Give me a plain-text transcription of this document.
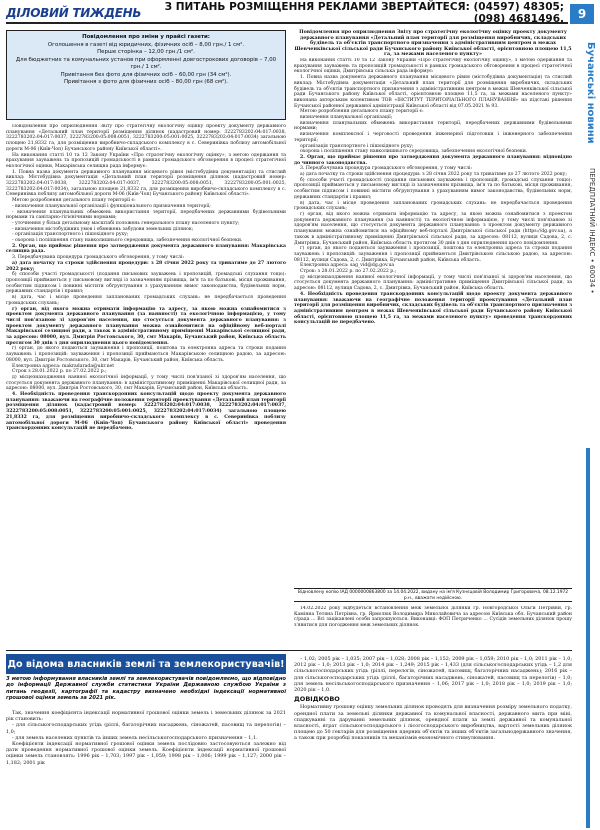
ДІЛОВИЙ ТИЖДЕНЬ	З ПИТАНЬ РОЗМІЩЕННЯ РЕКЛАМИ ЗВЕРТАЙТЕСЯ: (04597) 48305; (098) 4681496.	9
Бучанські новини
ПЕРЕДПЛАТНИЙ ІНДЕКС • 60034 •
Повідомлення про зміни у прайсі газети:
Оголошення в газеті від юридичних, фізичних осіб – 8,00 грн./ 1 см².
Перше сторінка – 12,00 грн./1 см².
Для бюджетних та комунальних установ при оформленні довгострокових договорів – 7,00 грн./ 1 см².
Привітання без фото для фізичних осіб – 60,00 грн (34 см²).
Привітання з фото для фізичних осіб – 80,00 грн (68 см²).

Повідомлення про оприлюднення Звіту про стратегічну екологічну оцінку проекту документу державного планування «Детальний план території розміщення ділянок (кадастровий номер: 3222783202:04:017:0038, 3222783202:04:017:0037, 3222783200:05:008:0051, 3222783200:05:001:0025, 3222783202:04:017:0034) загальною площею 21,8332 га, для розміщення виробничо-складського комплексу в с. Северинівка поблизу автомобільної дороги М-06 (Київ-Чоп) Бучанського району Київської області».

На виконання статті 10 та 12 Закону України «Про стратегічну екологічну оцінку», з метою одержання та врахування зауважень та пропозицій громадськості в рамках громадського обговорення в процесі стратегічної екологічної оцінки, Макарівська селищна рада інформує:

1. Повна назва документа державного планування місцевого рівня (містобудівна документація) та стислий виклад: Містобудівна документація «Детальний план території розміщення ділянок (кадастровий номер: 3222783202:04:017:0038, 3222783202:04:017:0037, 3222783200:05:008:0051, 3222783200:05:001:0025, 3222783202:04:017:0034), загальною площею 21,8332 га, для розміщення виробничо-складського комплексу в с. Северинівка поблизу автомобільної дороги М-06 (Київ-Чоп) Бучанського району Київської області».

Метою розроблення детального плану території є:

- визначення планувальної організації і функціонального призначення території;

- визначення планувальних обмежень використання території, передбачених державними будівельними нормами та санітарно-гігієнічними нормами;

- уточнення у більш детальному масштабі положень генерального плану населеного пункту;

- визначення містобудівних умов і обмежень забудови земельних ділянок;

- організація транспортного і пішохідного руху;

- охорона і поліпшення стану навколишнього середовища, забезпечення екологічної безпеки.

2. Орган, що приймає рішення про затвердження документа державного планування: Макарівська селищна рада.

3. Передбачувана процедура громадського обговорення, у тому числі:

а) дата початку та строки здійснення процедури: з 28 січня 2022 року та триватиме до 27 лютого 2022 року;

б) способи участі громадськості (подання письмових зауважень і пропозицій, громадські слухання тощо): пропозиції приймаються у письмовому вигляді із зазначенням прізвища, ім'я та по батькові, місця проживання, особистим підписом і повинні містити обґрунтування з урахуванням вимог законодавства, будівельних норм, державних стандартів і правил;

в) дата, час і місце проведення запланованих громадських слухань: не передбачається проведення громадських слухань;

г) орган, від якого можна отримати інформацію та адресу, за якою можна ознайомитися з проектом документа державного планування (за наявності) та екологічною інформацією, у тому числі пов'язаною зі здоров'ям населення, що стосується документа державного планування: з проектом документу державного планування можна ознайомитися на офіційному веб-порталі Макарівської селищної ради, а також в адміністративному приміщенні Макарівської селищної ради, за адресою: 08000, вул. Дмитрія Ростовського, 30, смт Макарів, Бучанський район, Київська область протягом 30 днів з дня оприлюднення цього повідомлення.

ґ) орган, до якого подаються зауваження і пропозиції, поштова та електронна адреса та строки подання зауважень і пропозицій: зауваження і пропозиції приймаються Макарівською селищною радою, за адресою: 08000, вул. Дмитрія Ростовського, 30, смт Макарів, Бучанський район, Київська область.

Електронна адреса: makradarada@ukr.net

Строк з 28.01.2022 р. по 27.02.2022 р.;

д) місцезнаходження наявної екологічної інформації, у тому числі пов'язаної зі здоров'ям населення, що стосується документа державного планування: в адміністративному приміщенні Макарівської селищної ради, за адресою: 08000, вул. Дмитрія Ростовського, 30, смт Макарів, Бучанський район, Київська область.

4. Необхідність проведення транскордонних консультацій щодо проекту документа державного планування: зважаючи на географічне положення території проектування «Детальний план території розміщення ділянок (кадастровий номер: 3222783202:04:017:0038, 3222783202:04:017:0037, 3222783200:05:008:0051, 3222783200:05:001:0025, 3222783202:04:017:0034) загальною площею 21,8332 га, для розміщення виробничо-складського комплексу в с. Северинівка поблизу автомобільної дороги М-06 (Київ-Чоп) Бучанського району Київської області» проведення транскордонних консультацій не передбачено.

Повідомлення про оприлюднення Звіту про стратегічну екологічну оцінку проекту документу державного планування «Детальний план території для розміщення виробничих, складських будівель та об'єктів транспортного призначення з адміністративним центром в межах Шевченківської сільської ради Бучанського району Київської області, орієнтовною площею 11,5 га, за межами населеного пункту»

На виконання статті 10 та 12 Закону України «Про стратегічну екологічну оцінку», з метою одержання та врахування зауважень та пропозицій громадськості в рамках громадського обговорення в процесі стратегічної екологічної оцінки, Дмитрівська сільська рада інформує:

1. Повна назва документа державного планування місцевого рівня (містобудівна документація) та стислий виклад: Містобудівна документація «Детальний план території для розміщення виробничих, складських будівель та об'єктів транспортного призначення з адміністративним центром в межах Шевченківської сільської ради Бучанського району Київської області, орієнтовною площею 11,5 га, за межами населеного пункту» виконана авторським колективом ТОВ «ІНСТИТУТ ТЕРИТОРІАЛЬНОГО ПЛАНУВАННЯ» на підставі рішення Бучанської районної державної адміністрації Київської області від 07.05.2021 № 93.

Метою розроблення детального плану території є:

визначення планувальної організації;

визначення планувальних обмежень використання території, передбачених державними будівельними нормами;

визначення комплексної і черговості проведення інженерної підготовки і інженерного забезпечення території;

організація транспортного і пішохідного руху;

охорона і поліпшення стану навколишнього середовища, забезпечення екологічної безпеки.

2. Орган, що приймає рішення про затвердження документа державного планування: відповідно до чинного законодавства.

3. Передбачувана процедура громадського обговорення, у тому числі:

а) дата початку та строки здійснення процедури: з 28 січня 2022 року та триватиме до 27 лютого 2022 року;

б) способи участі громадськості (подання письмових зауважень і пропозицій, громадські слухання тощо): пропозиції приймаються у письмовому вигляді із зазначенням прізвища, ім'я та по батькові, місця проживання, особистим підписом і повинні містити обґрунтування з урахуванням вимог законодавства, будівельних норм, державних стандартів і правил;

в) дата, час і місце проведення запланованих громадських слухань: не передбачається проведення громадських слухань;

г) орган, від якого можна отримати інформацію та адресу, за якою можна ознайомитися з проектом документа державного планування (за наявності) та екологічною інформацією, у тому числі пов'язаною зі здоров'ям населення, що стосується документа державного планування: з проектом документу державного планування можна ознайомитися на офіційному веб-порталі Дмитрівської сільської ради (https://dg.gov.ua), а також в адміністративному приміщенні Дмитрівської сільської ради, за адресою: 08112, вулиця Садова, 2, с. Дмитрівка, Бучанський район, Київська область протягом 30 днів з дня оприлюднення цього повідомлення.

ґ) орган, до якого подаються зауваження і пропозиції, поштова та електронна адреса та строки подання зауважень і пропозицій: зауваження і пропозиції приймаються Дмитрівською сільською радою, за адресою: 08112, вулиця Садова, 2, с. Дмитрівка, Бучанський район, Київська область.

Електронна адреса: sag_vid@dg.gov.ua

Строк: з 28.01.2022 р. по 27.02.2022 р.;

д) місцезнаходження наявної екологічної інформації, у тому числі пов'язаної зі здоров'ям населення, що стосується документа державного планування: адміністративне приміщення Дмитрівської сільської ради, за адресою: 08112, вулиця Садова, 2, с. Дмитрівка, Бучанський район, Київська область.

4. Необхідність проведення транскордонних консультацій щодо проекту документа державного планування: зважаючи на географічне положення території проектування «Детальний план території для розміщення виробничих, складських будівель та об'єктів транспортного призначення з адміністративним центром в межах Шевченківської сільської ради Бучанського району Київської області, орієнтовною площею 11,5 га, за межами населеного пункту» проведення транскордонних консультацій не передбачено.

Відновлену копію ІАД 0000000863800 за 14.04.2022, видану на ім'я Кузнєцовій Володимир Григоровича, 08.12.1972 р.н., вважати недійсною.

14.02.2022 року відбудеться встановлення меж земельної ділянки гр. Новгородської Ольги Петрівни, гр. Камінна Тетяна Петрівна, гр. Ярмолюк Володимира Миколайовича за адресою Київська обл. Бучанський район с/рада ... Всі зацікавлені особи запрошуються. Виконавці: ФОП Петриченко ... Сусідів земельних ділянок прошу з'явитися для погодження меж земельних ділянок.

До відома власників землі та землекористувачів!
З метою інформування власників землі та землекористувачів повідомляємо, що відповідно до інформації Державної служби статистики України Державною службою України з питань геодезії, картографії та кадастру визначено необхідні індексації нормативної грошової оцінки земель за 2021 рік.

Так, значення коефіцієнта індексації нормативної грошової оцінки земель і земельних ділянок за 2021 рік становить:

- для сільськогосподарських угідь (ріллі, багаторічних насаджень, сіножатей, пасовищ та перелогів) – 1,0;

- для земель населених пунктів та інших земель несільськогосподарського призначення – 1,1.

Коефіцієнти індексації нормативної грошової оцінки земель послідовно застосовуються залежно від дати проведення нормативної грошової оцінки земель. Коефіцієнти індексації нормативної грошової оцінки земель становлять: 1996 рік – 1,703; 1997 рік – 1,059; 1998 рік – 1,006; 1999 рік – 1,127; 2000 рік – 1,182; 2001 рік

– 1,02; 2005 рік – 1,035; 2007 рік – 1,028; 2008 рік – 1,152; 2009 рік – 1,059; 2010 рік – 1,0; 2011 рік – 1,0; 2012 рік – 1,0; 2013 рік – 1,0; 2014 рік – 1,249; 2015 рік – 1,433 (для сільськогосподарських угідь – 1,2 для сільськогосподарських угідь (ріллі, перелогів, сіножатей, пасовищ, багаторічних насаджень); 2016 рік – для сільськогосподарських угідь (ріллі, багаторічних насаджень, сіножатей, пасовищ та перелогів) – 1,0; для земель несільськогосподарського призначення – 1,06; 2017 рік – 1,0; 2018 рік – 1,0; 2019 рік – 1,0; 2020 рік – 1,0.

ДОВІДКОВО

Нормативну грошову оцінку земельних ділянок проводять для визначення розміру земельного податку, орендної плати за земельні ділянки державної та комунальної власності, державного мита при міні, спадкуванні та даруванні земельних ділянок, орендної плати за землі державної та комунальної власності, втрат сільськогосподарського і лісогосподарського виробництва, вартості земельних ділянок площею до 50 гектарів для розміщення ядерних об'єктів та інших об'єктів загальнодержавного значення, а також при розробці показників та механізмів економічного стимулювання.
